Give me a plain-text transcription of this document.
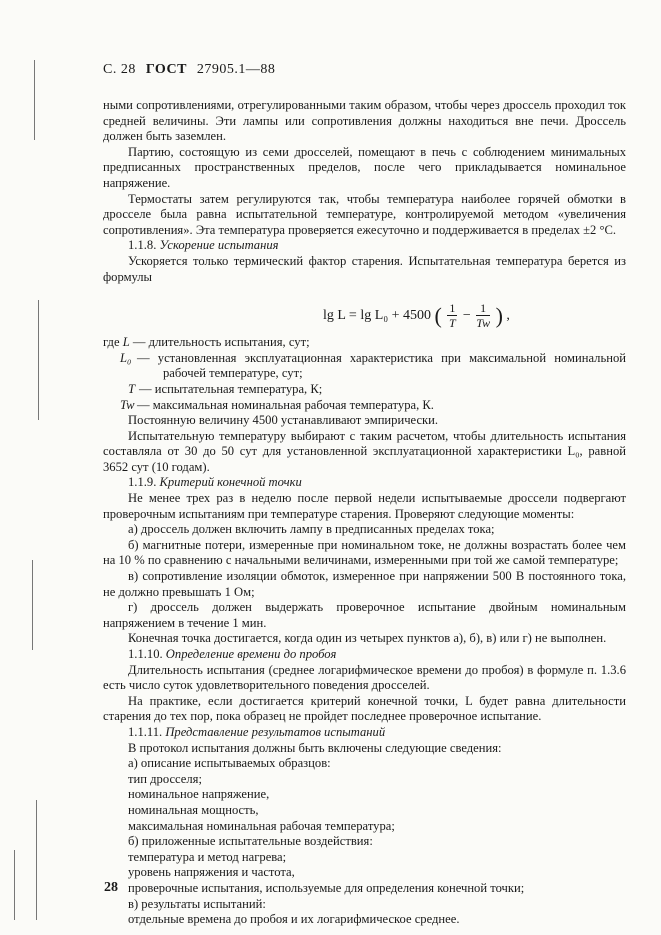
С. 28 ГОСТ 27905.1—88

ными сопротивлениями, отрегулированными таким образом, чтобы через дроссель проходил ток средней величины. Эти лампы или сопротивления должны находиться вне печи. Дроссель должен быть заземлен.

Партию, состоящую из семи дросселей, помещают в печь с соблюдением минимальных предписанных пространственных пределов, после чего прикладывается номинальное напряжение.

Термостаты затем регулируются так, чтобы температура наиболее горячей обмотки в дросселе была равна испытательной температуре, контролируемой методом «увеличения сопротивления». Эта температура проверяется ежесуточно и поддерживается в пределах ±2 °С.

1.1.8. Ускорение испытания

Ускоряется только термический фактор старения. Испытательная температура берется из формулы

lg L = lg L₀ + 4500 ( $\frac{1}{T} - \frac{1}{Tw}$ ) ,

где L — длительность испытания, сут;

L₀ — установленная эксплуатационная характеристика при максимальной номинальной рабочей температуре, сут;

T — испытательная температура, К;

Tw — максимальная номинальная рабочая температура, К.

Постоянную величину 4500 устанавливают эмпирически.

Испытательную температуру выбирают с таким расчетом, чтобы длительность испытания составляла от 30 до 50 сут для установленной эксплуатационной характеристики L₀, равной 3652 сут (10 годам).

1.1.9. Критерий конечной точки

Не менее трех раз в неделю после первой недели испытываемые дроссели подвергают проверочным испытаниям при температуре старения. Проверяют следующие моменты:

а) дроссель должен включить лампу в предписанных пределах тока;

б) магнитные потери, измеренные при номинальном токе, не должны возрастать более чем на 10 % по сравнению с начальными величинами, измеренными при той же самой температуре;

в) сопротивление изоляции обмоток, измеренное при напряжении 500 В постоянного тока, не должно превышать 1 Ом;

г) дроссель должен выдержать проверочное испытание двойным номинальным напряжением в течение 1 мин.

Конечная точка достигается, когда один из четырех пунктов а), б), в) или г) не выполнен.

1.1.10. Определение времени до пробоя

Длительность испытания (среднее логарифмическое времени до пробоя) в формуле п. 1.3.6 есть число суток удовлетворительного поведения дросселей.

На практике, если достигается критерий конечной точки, L будет равна длительности старения до тех пор, пока образец не пройдет последнее проверочное испытание.

1.1.11. Представление результатов испытаний

В протокол испытания должны быть включены следующие сведения:

а) описание испытываемых образцов:

тип дросселя;

номинальное напряжение,

номинальная мощность,

максимальная номинальная рабочая температура;

б) приложенные испытательные воздействия:

температура и метод нагрева;

уровень напряжения и частота,

проверочные испытания, используемые для определения конечной точки;

в) результаты испытаний:

отдельные времена до пробоя и их логарифмическое среднее.

28
